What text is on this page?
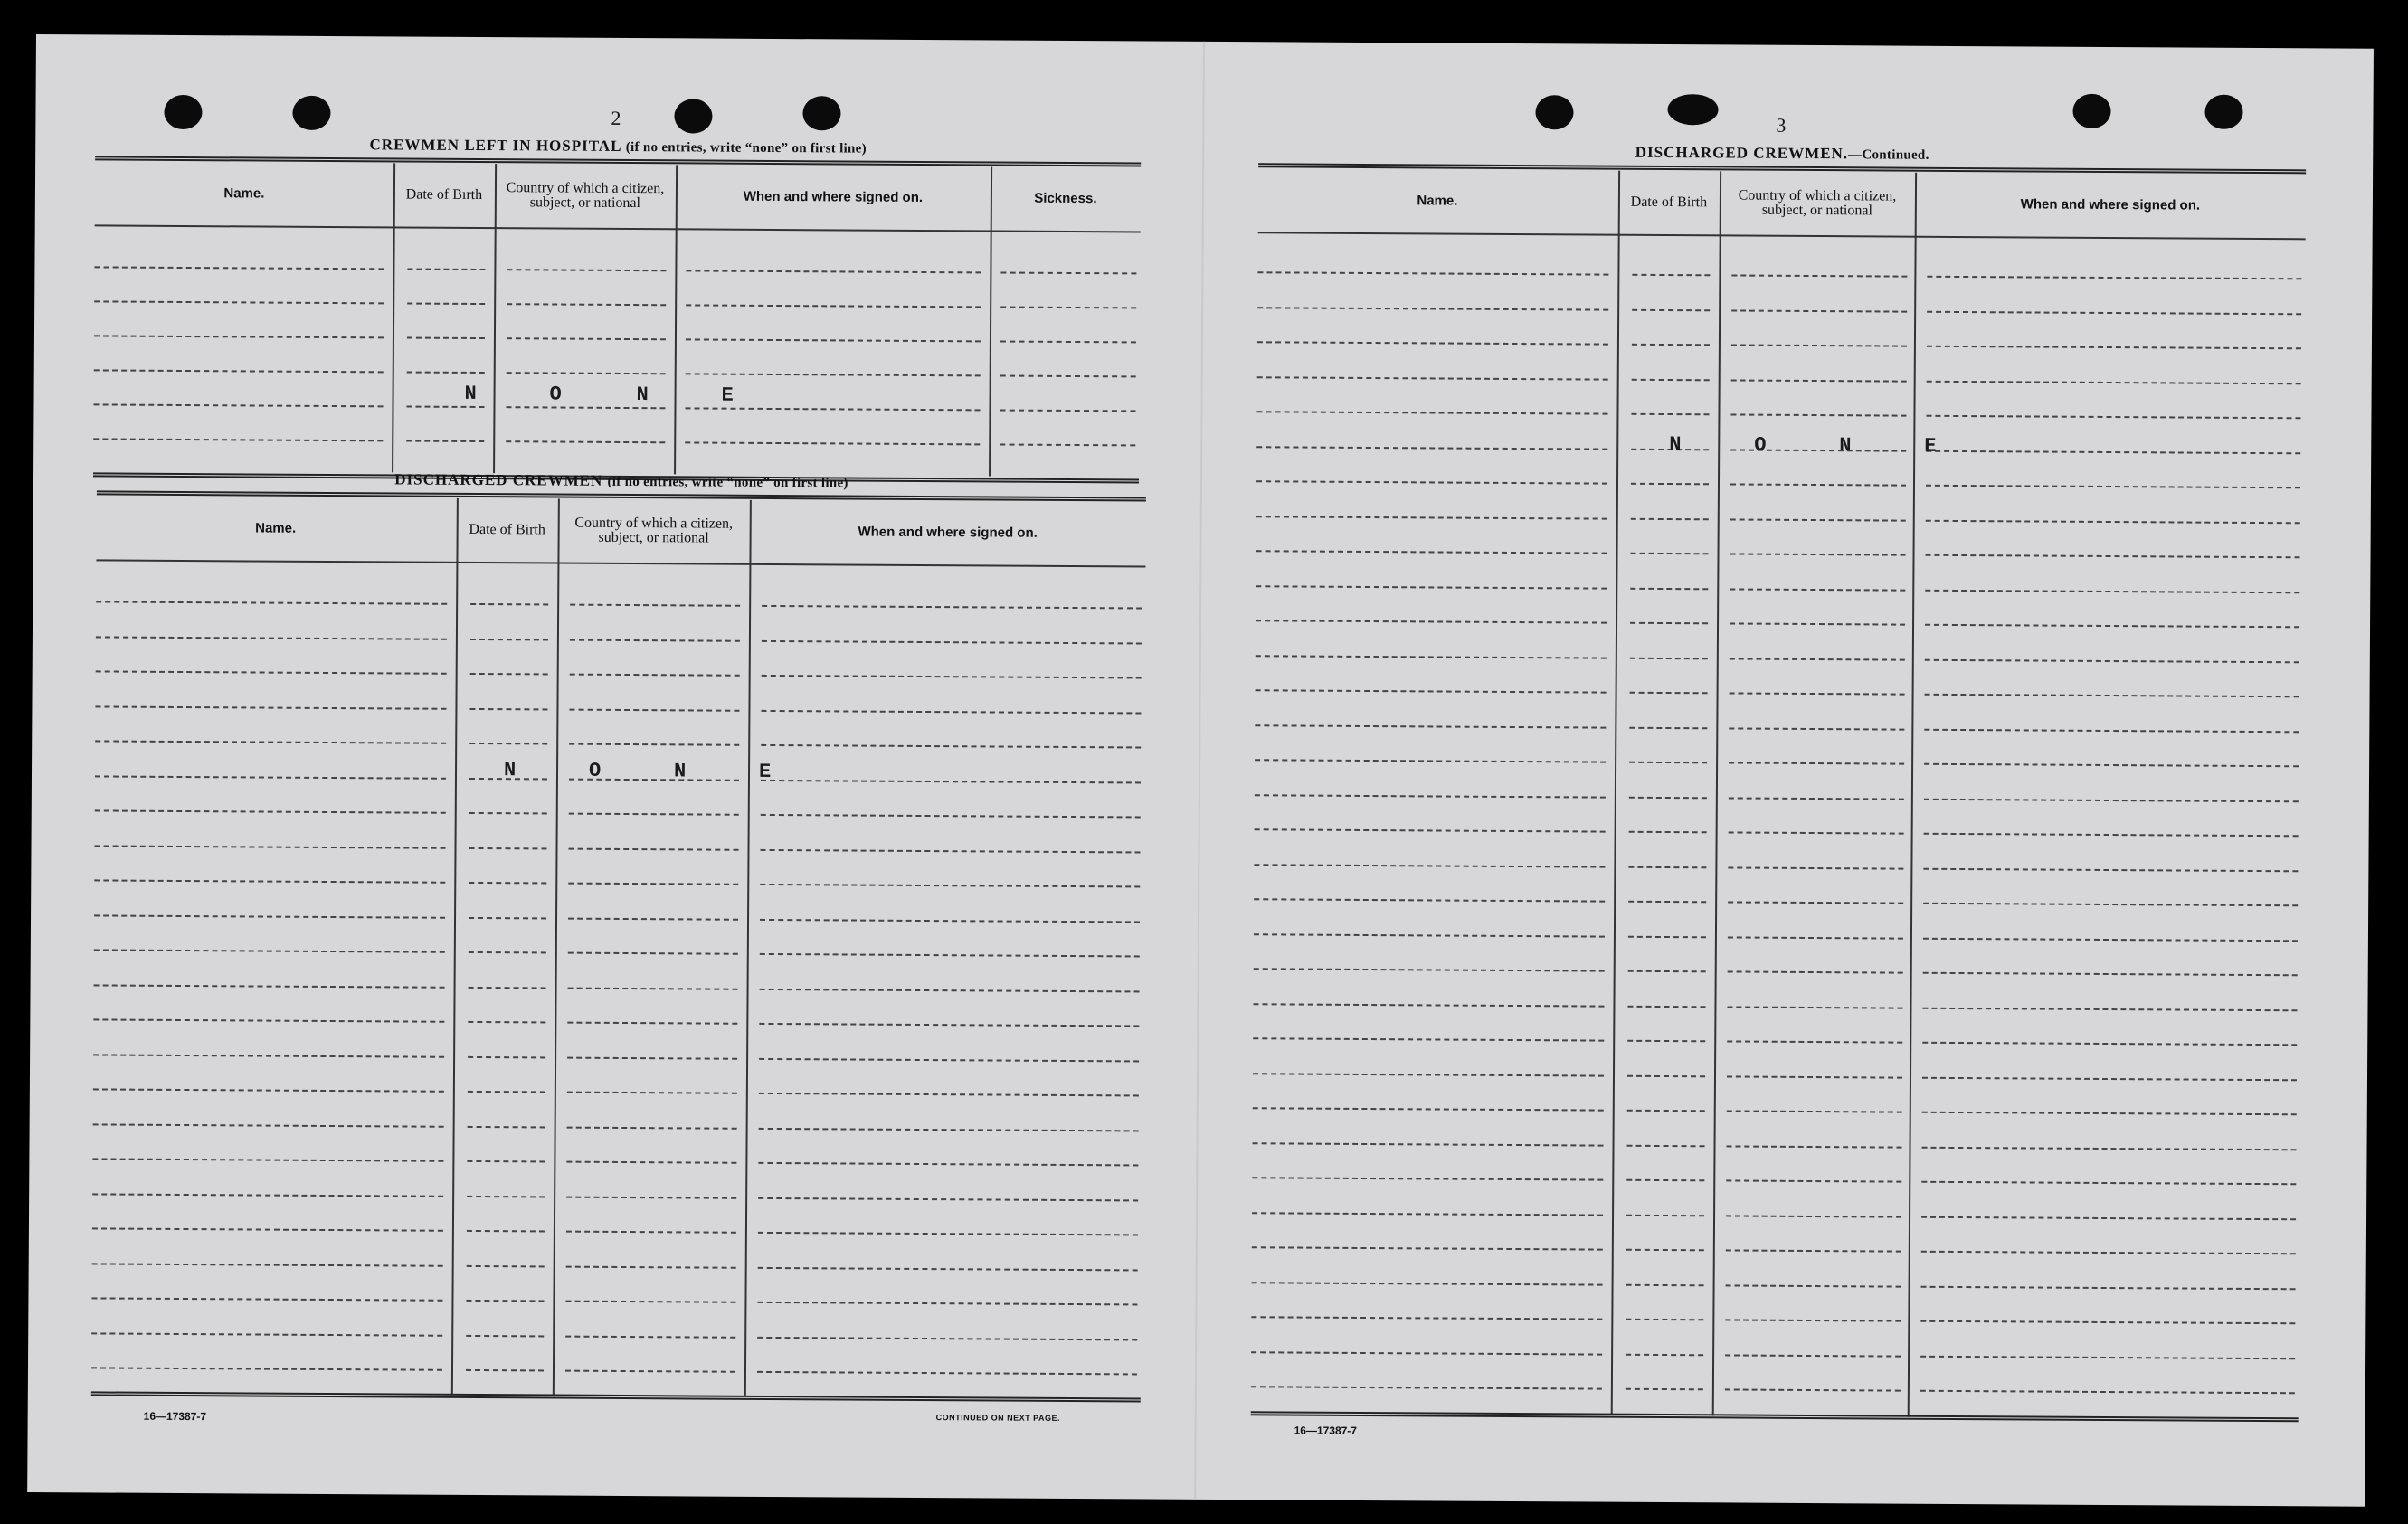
2	3
CREWMEN LEFT IN HOSPITAL (if no entries, write “none” on first line)
Name.	Date of Bırth	Country of which a citizen, subject, or national	When and where signed on.	Sickness.
N	O	N	E
DISCHARGED CREWMEN (if no entries, write “none” on first line)
Name.	Date of Birth	Country of which a citizen, subject, or national	When and where signed on.
N	O	N	E
16—17387-7	CONTINUED ON NEXT PAGE.
DISCHARGED CREWMEN.—Continued.
Name.	Date of Birth	Country of which a citizen, subject, or national	When and where signed on.
N	O	N	E
16—17387-7
